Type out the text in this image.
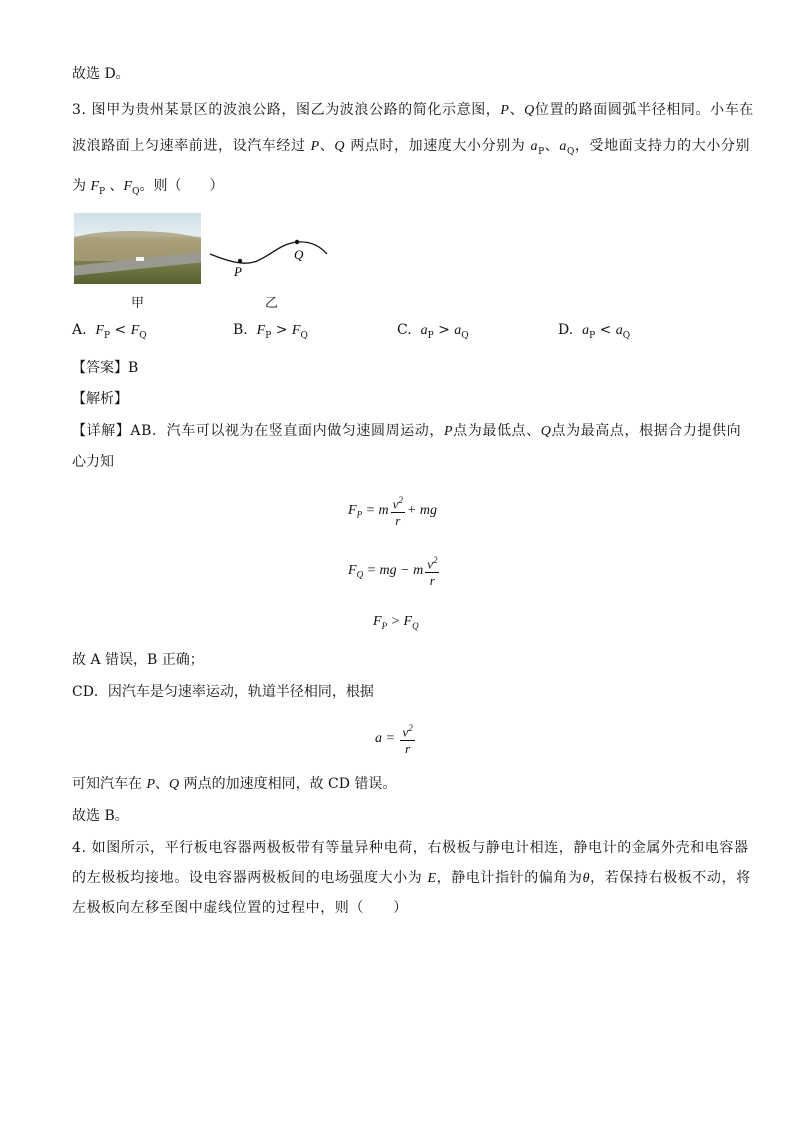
故选 D。
3. 图甲为贵州某景区的波浪公路，图乙为波浪公路的简化示意图，P、Q位置的路面圆弧半径相同。小车在
波浪路面上匀速率前进，设汽车经过 P、Q 两点时，加速度大小分别为 $a_P$、$a_Q$，受地面支持力的大小分别
为 $F_P$ 、$F_Q$。则（　　）
甲
P
Q
乙
A. $F_P < F_Q$	B. $F_P > F_Q$	C. $a_P > a_Q$	D. $a_P < a_Q$
【答案】B
【解析】
【详解】AB．汽车可以视为在竖直面内做匀速圆周运动，P点为最低点、Q点为最高点，根据合力提供向
心力知
$F_P = m \frac{v^2}{r}$ + mg
$F_Q$ = mg − m $\frac{v^2}{r}$
$F_P > F_Q$
故 A 错误，B 正确；
CD．因汽车是匀速率运动，轨道半径相同，根据
$a = \frac{v^2}{r}$
可知汽车在 P、Q 两点的加速度相同，故 CD 错误。
故选 B。
4. 如图所示，平行板电容器两极板带有等量异种电荷，右极板与静电计相连，静电计的金属外壳和电容器
的左极板均接地。设电容器两极板间的电场强度大小为 E，静电计指针的偏角为θ，若保持右极板不动，将
左极板向左移至图中虚线位置的过程中，则（　　）
